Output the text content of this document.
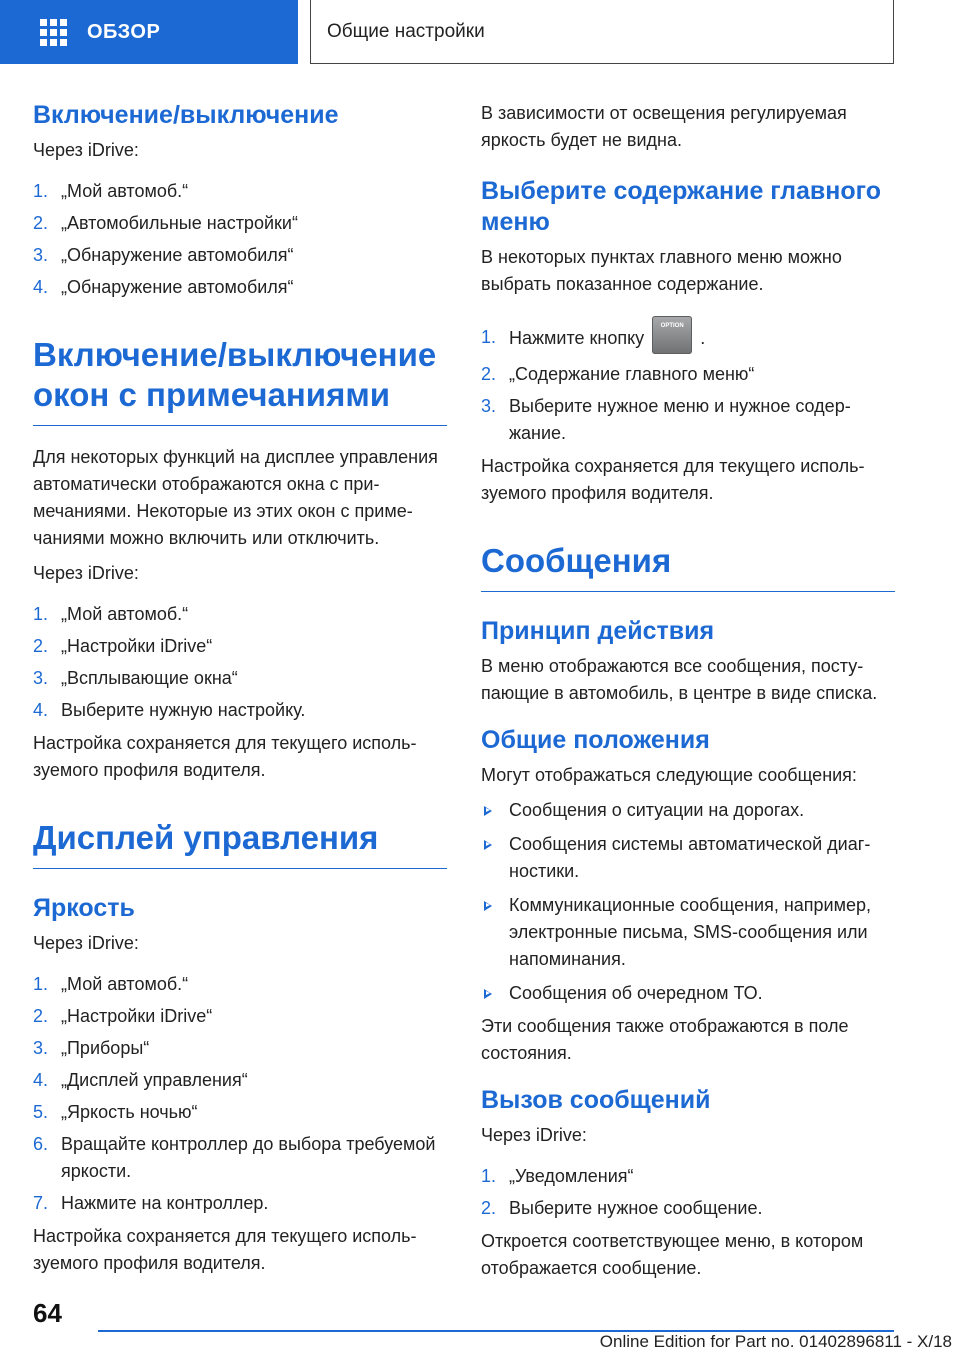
ОБЗОР	Общие настройки
Включение/выключение

Через iDrive:

1. „Мой автомоб.“
2. „Автомобильные настройки“
3. „Обнаружение автомобиля“
4. „Обнаружение автомобиля“
Включение/выключение окон с примечаниями

Для некоторых функций на дисплее управления автоматически отображаются окна с примечаниями. Некоторые из этих окон с примечаниями можно включить или отключить.

Через iDrive:

1. „Мой автомоб.“
2. „Настройки iDrive“
3. „Всплывающие окна“
4. Выберите нужную настройку.

Настройка сохраняется для текущего используемого профиля водителя.

Дисплей управления
Яркость

Через iDrive:

1. „Мой автомоб.“
2. „Настройки iDrive“
3. „Приборы“
4. „Дисплей управления“
5. „Яркость ночью“
6. Вращайте контроллер до выбора требуемой яркости.
7. Нажмите на контроллер.

Настройка сохраняется для текущего используемого профиля водителя.

В зависимости от освещения регулируемая яркость будет не видна.

Выберите содержание главного меню

В некоторых пунктах главного меню можно выбрать показанное содержание.

1. Нажмите кнопкуOPTION.
2. „Содержание главного меню“
3. Выберите нужное меню и нужное содержание.

Настройка сохраняется для текущего используемого профиля водителя.

Сообщения
Принцип действия

В меню отображаются все сообщения, поступающие в автомобиль, в центре в виде списка.

Общие положения

Могут отображаться следующие сообщения:

Сообщения о ситуации на дорогах.
Сообщения системы автоматической диагностики.
Коммуникационные сообщения, например, электронные письма, SMS-сообщения или напоминания.
Сообщения об очередном ТО.

Эти сообщения также отображаются в поле состояния.

Вызов сообщений

Через iDrive:

1. „Уведомления“
2. Выберите нужное сообщение.

Откроется соответствующее меню, в котором отображается сообщение.

64
Online Edition for Part no. 01402896811 - X/18
